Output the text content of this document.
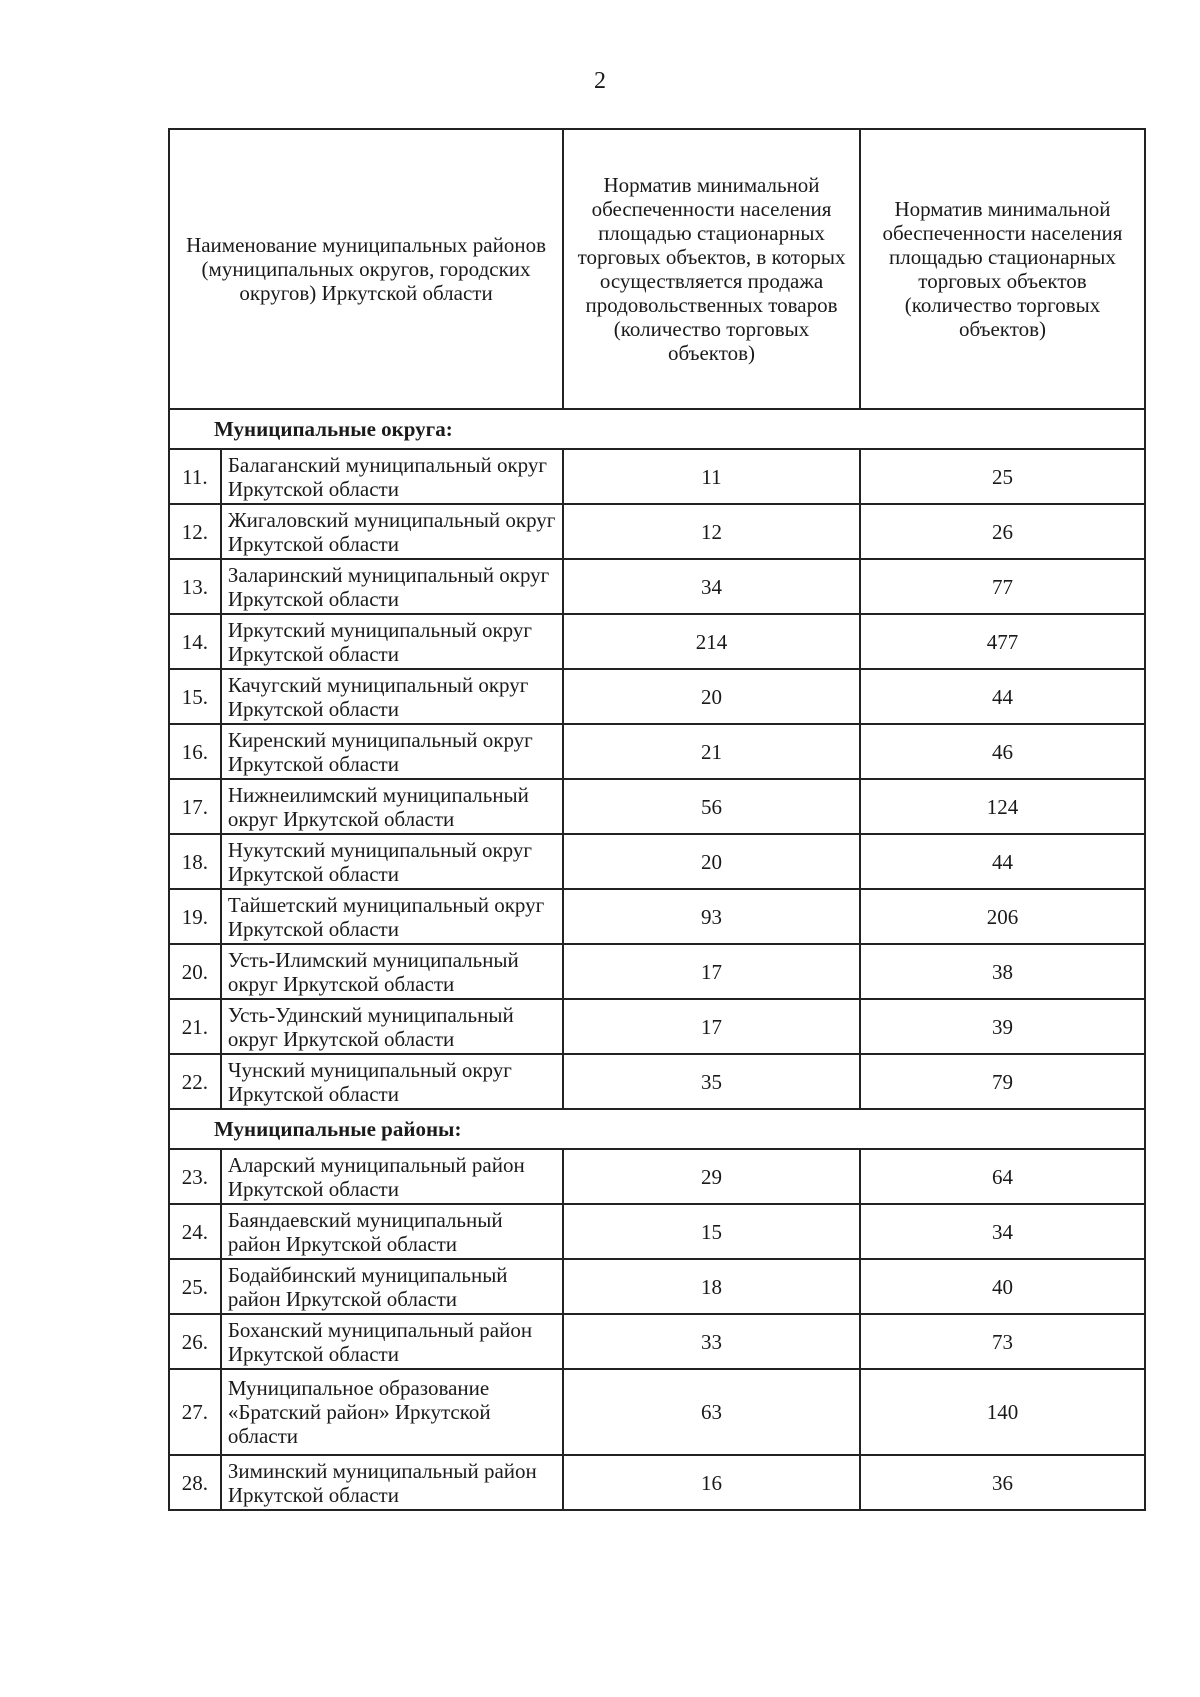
2
Наименование муниципальных районов (муниципальных округов, городских округов) Иркутской области		Норматив минимальной обеспеченности населения площадью стационарных торговых объектов, в которых осуществляется продажа продовольственных товаров (количество торговых объектов)	Норматив минимальной обеспеченности населения площадью стационарных торговых объектов (количество торговых объектов)
Муниципальные округа:			
11.	Балаганский муниципальный округ Иркутской области	11	25
12.	Жигаловский муниципальный округ Иркутской области	12	26
13.	Заларинский муниципальный округ Иркутской области	34	77
14.	Иркутский муниципальный округ Иркутской области	214	477
15.	Качугский муниципальный округ Иркутской области	20	44
16.	Киренский муниципальный округ Иркутской области	21	46
17.	Нижнеилимский муниципальный округ Иркутской области	56	124
18.	Нукутский муниципальный округ Иркутской области	20	44
19.	Тайшетский муниципальный округ Иркутской области	93	206
20.	Усть-Илимский муниципальный округ Иркутской области	17	38
21.	Усть-Удинский муниципальный округ Иркутской области	17	39
22.	Чунский муниципальный округ Иркутской области	35	79
Муниципальные районы:			
23.	Аларский муниципальный район Иркутской области	29	64
24.	Баяндаевский муниципальный район Иркутской области	15	34
25.	Бодайбинский муниципальный район Иркутской области	18	40
26.	Боханский муниципальный район Иркутской области	33	73
27.	Муниципальное образование «Братский район» Иркутской области	63	140
28.	Зиминский муниципальный район Иркутской области	16	36
